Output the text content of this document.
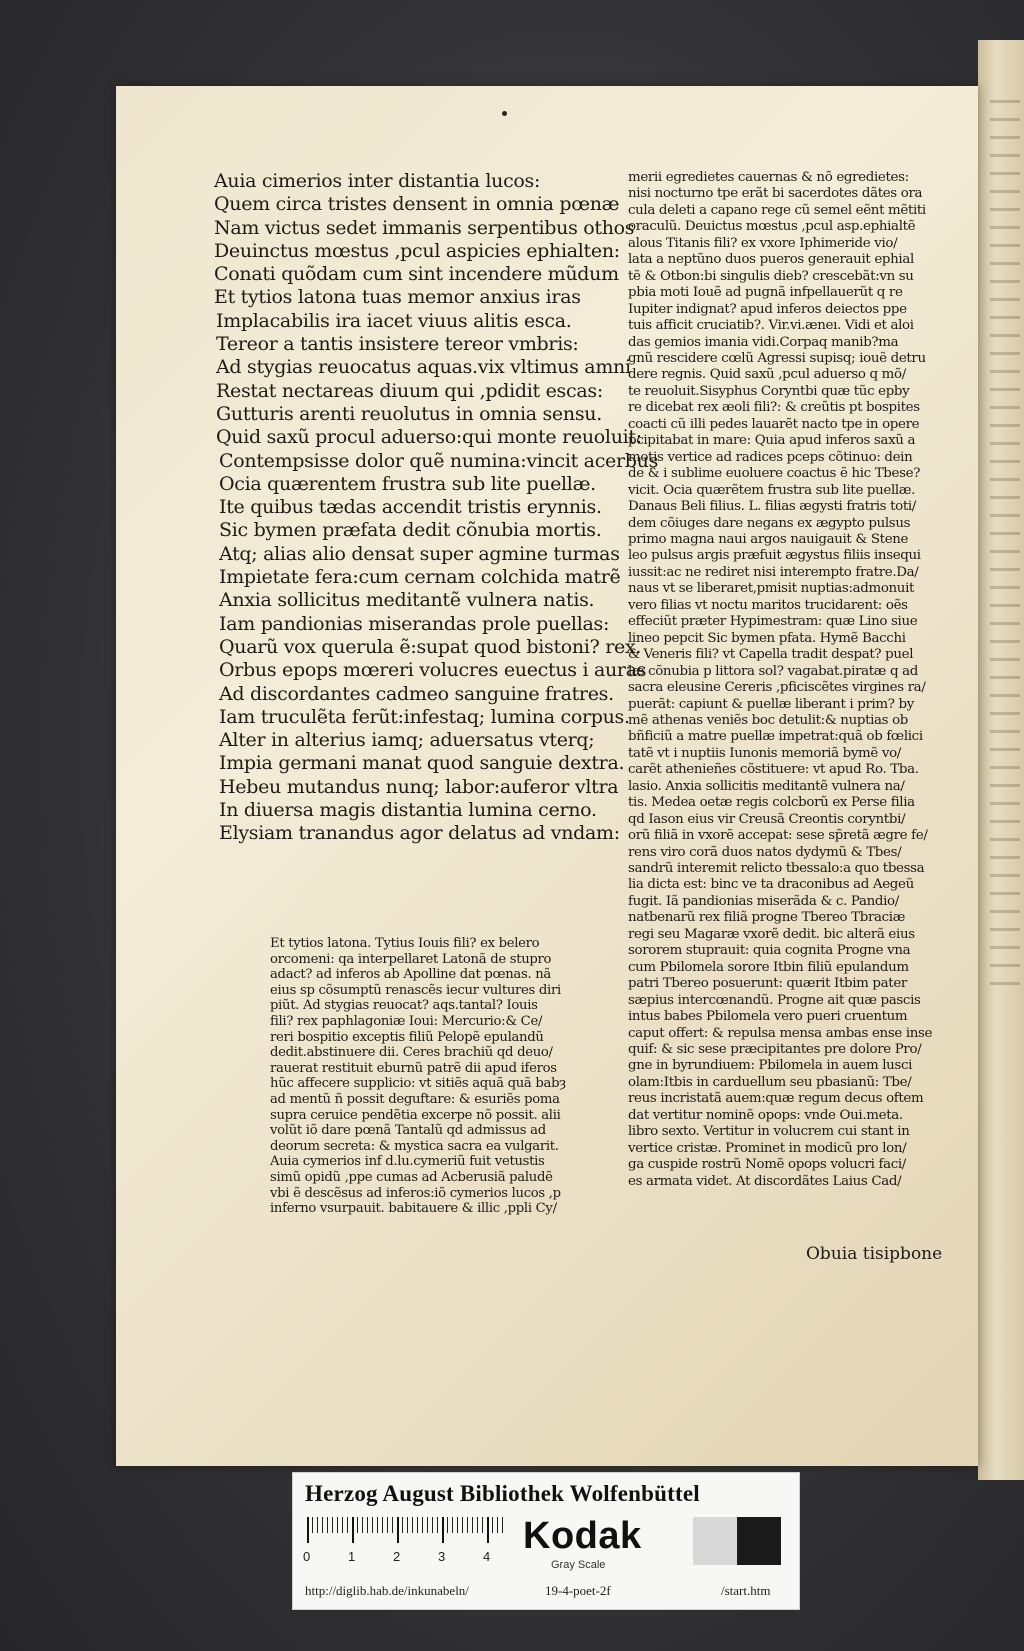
Auia cimerios inter distantia lucos:
Quem circa tristes densent in omnia pœnæ
Nam victus sedet immanis serpentibus othos
Deuinctus mœstus ,pcul aspicies ephialten:
Conati quõdam cum sint incendere mũdum
Et tytios latona tuas memor anxius iras
Implacabilis ira iacet viuus alitis esca.
Tereor a tantis insistere tereor vmbris:
Ad stygias reuocatus aquas.vix vltimus amni
Restat nectareas diuum qui ,pdidit escas:
Gutturis arenti reuolutus in omnia sensu.
Quid saxũ procul aduerso:qui monte reuoluit:
Contempsisse dolor quẽ numina:vincit acerbus
Ocia quærentem frustra sub lite puellæ.
Ite quibus tædas accendit tristis erynnis.
Sic bymen præfata dedit cõnubia mortis.
Atq; alias alio densat super agmine turmas
Impietate fera:cum cernam colchida matrẽ
Anxia sollicitus meditantẽ vulnera natis.
Iam pandionias miserandas prole puellas:
Quarũ vox querula ẽ:supat quod bistoni? rex.
Orbus epops mœreri volucres euectus i auras
Ad discordantes cadmeo sanguine fratres.
Iam truculẽta ferũt:infestaq; lumina corpus.
Alter in alterius iamq; aduersatus vterq;
Impia germani manat quod sanguie dextra.
Hebeu mutandus nunq; labor:auferor vltra
In diuersa magis distantia lumina cerno.
Elysiam tranandus agor delatus ad vndam:
Et tytios latona. Tytius Iouis fili? ex belero
orcomeni: qa interpellaret Latonã de stupro
adact? ad inferos ab Apolline dat pœnas. nã
eius sp cõsumptũ renascẽs iecur vultures diri
piũt. Ad stygias reuocat? aqs.tantal? Iouis
fili? rex paphlagoniæ Ioui: Mercurio:& Ce/
reri bospitio exceptis filiũ Pelopẽ epulandũ
dedit.abstinuere dii. Ceres brachiũ qd deuo/
rauerat restituit eburnũ patrẽ dii apud iferos
hũc affecere supplicio: vt sitiẽs aquã quã babȝ
ad mentũ ñ possit deguftare: & esuriẽs poma
supra ceruice pendẽtia excerpe nõ possit. alii
volũt iõ dare pœnã Tantalũ qd admissus ad
deorum secreta: & mystica sacra ea vulgarit.
Auia cymerios inf d.lu.cymeriũ fuit vetustis
simũ opidũ ,ppe cumas ad Acberusiã paludẽ
vbi ẽ descẽsus ad inferos:iõ cymerios lucos ,p
inferno vsurpauit. babitauere & illic ,ppli Cy/
merii egredietes cauernas & nõ egredietes:
nisi nocturno tpe erãt bi sacerdotes dãtes ora
cula deleti a capano rege cũ semel eẽnt mẽtiti
oraculũ. Deuictus mœstus ,pcul asp.ephialtẽ
alous Titanis fili? ex vxore Iphimeride vio/
lata a neptũno duos pueros generauit ephial
tẽ & Otbon:bi singulis dieb? crescebãt:vn su
pbia moti Iouẽ ad pugnã infpellauerũt q re
Iupiter indignat? apud inferos deiectos ppe
tuis afficit cruciatib?. Vir.vi.æneı. Vidi et aloi
das gemios imania vidi.Corpaq manib?ma
gnũ rescidere cœlũ Agressi supisq; iouẽ detru
dere regnis. Quid saxũ ,pcul aduerso q mõ/
te reuoluit.Sisyphus Coryntbi quæ tũc epby
re dicebat rex æoli fili?: & creũtis pt bospites
coacti cũ illi pedes lauarẽt nacto tpe in opere
pcipitabat in mare: Quia apud inferos saxũ a
motis vertice ad radices pceps cõtinuo: dein
de & i sublime euoluere coactus ẽ hic Tbese?
vicit. Ocia quærẽtem frustra sub lite puellæ.
Danaus Beli filius. L. filias ægysti fratris toti/
dem cõiuges dare negans ex ægypto pulsus
primo magna naui argos nauigauit & Stene
leo pulsus argis præfuit ægystus filiis insequi
iussit:ac ne rediret nisi interempto fratre.Da/
naus vt se liberaret,pmisit nuptias:admonuit
vero filias vt noctu maritos trucidarent: oẽs
effeciũt præter Hypimestram: quæ Lino siue
lineo pepcit Sic bymen pfata. Hymẽ Bacchi
& Veneris fili? vt Capella tradit despat? puel
læ cõnubia p littora sol? vagabat.piratæ q ad
sacra eleusine Cereris ,pficiscẽtes virgines ra/
puerãt: capiunt & puellæ liberant i prim? by
mẽ athenas veniẽs boc detulit:& nuptias ob
bñficiũ a matre puellæ impetrat:quã ob fœlici
tatẽ vt i nuptiis Iunonis memoriã bymẽ vo/
carẽt athenieñes cõstituere: vt apud Ro. Tba.
lasio. Anxia sollicitis meditantẽ vulnera na/
tis. Medea oetæ regis colcborũ ex Perse filia
qd Iason eius vir Creusã Creontis coryntbi/
orũ filiã in vxorẽ accepat: sese sp̃retã ægre fe/
rens viro corã duos natos dydymũ & Tbes/
sandrũ interemit relicto tbessalo:a quo tbessa
lia dicta est: binc ve ta draconibus ad Aegeũ
fugit. Iã pandionias miserãda & c. Pandio/
natbenarũ rex filiã progne Tbereo Tbraciæ
regi seu Magaræ vxorẽ dedit. bic alterã eius
sororem stuprauit: quia cognita Progne vna
cum Pbilomela sorore Itbin filiũ epulandum
patri Tbereo posuerunt: quærit Itbim pater
sæpius intercœnandũ. Progne ait quæ pascis
intus babes Pbilomela vero pueri cruentum
caput offert: & repulsa mensa ambas ense inse
quif: & sic sese præcipitantes pre dolore Pro/
gne in byrundiuem: Pbilomela in auem lusci
olam:Itbis in carduellum seu pbasianũ: Tbe/
reus incristatã auem:quæ regum decus oftem
dat vertitur nominẽ opops: vnde Oui.meta.
libro sexto. Vertitur in volucrem cui stant in
vertice cristæ. Prominet in modicũ pro lon/
ga cuspide rostrũ Nomẽ opops volucri faci/
es armata videt. At discordãtes Laius Cad/
Obuia tisipbone
Herzog August Bibliothek Wolfenbüttel
0	1	2	3	4 Kodak
Gray Scale
http://diglib.hab.de/inkunabeln/	19-4-poet-2f	/start.htm
